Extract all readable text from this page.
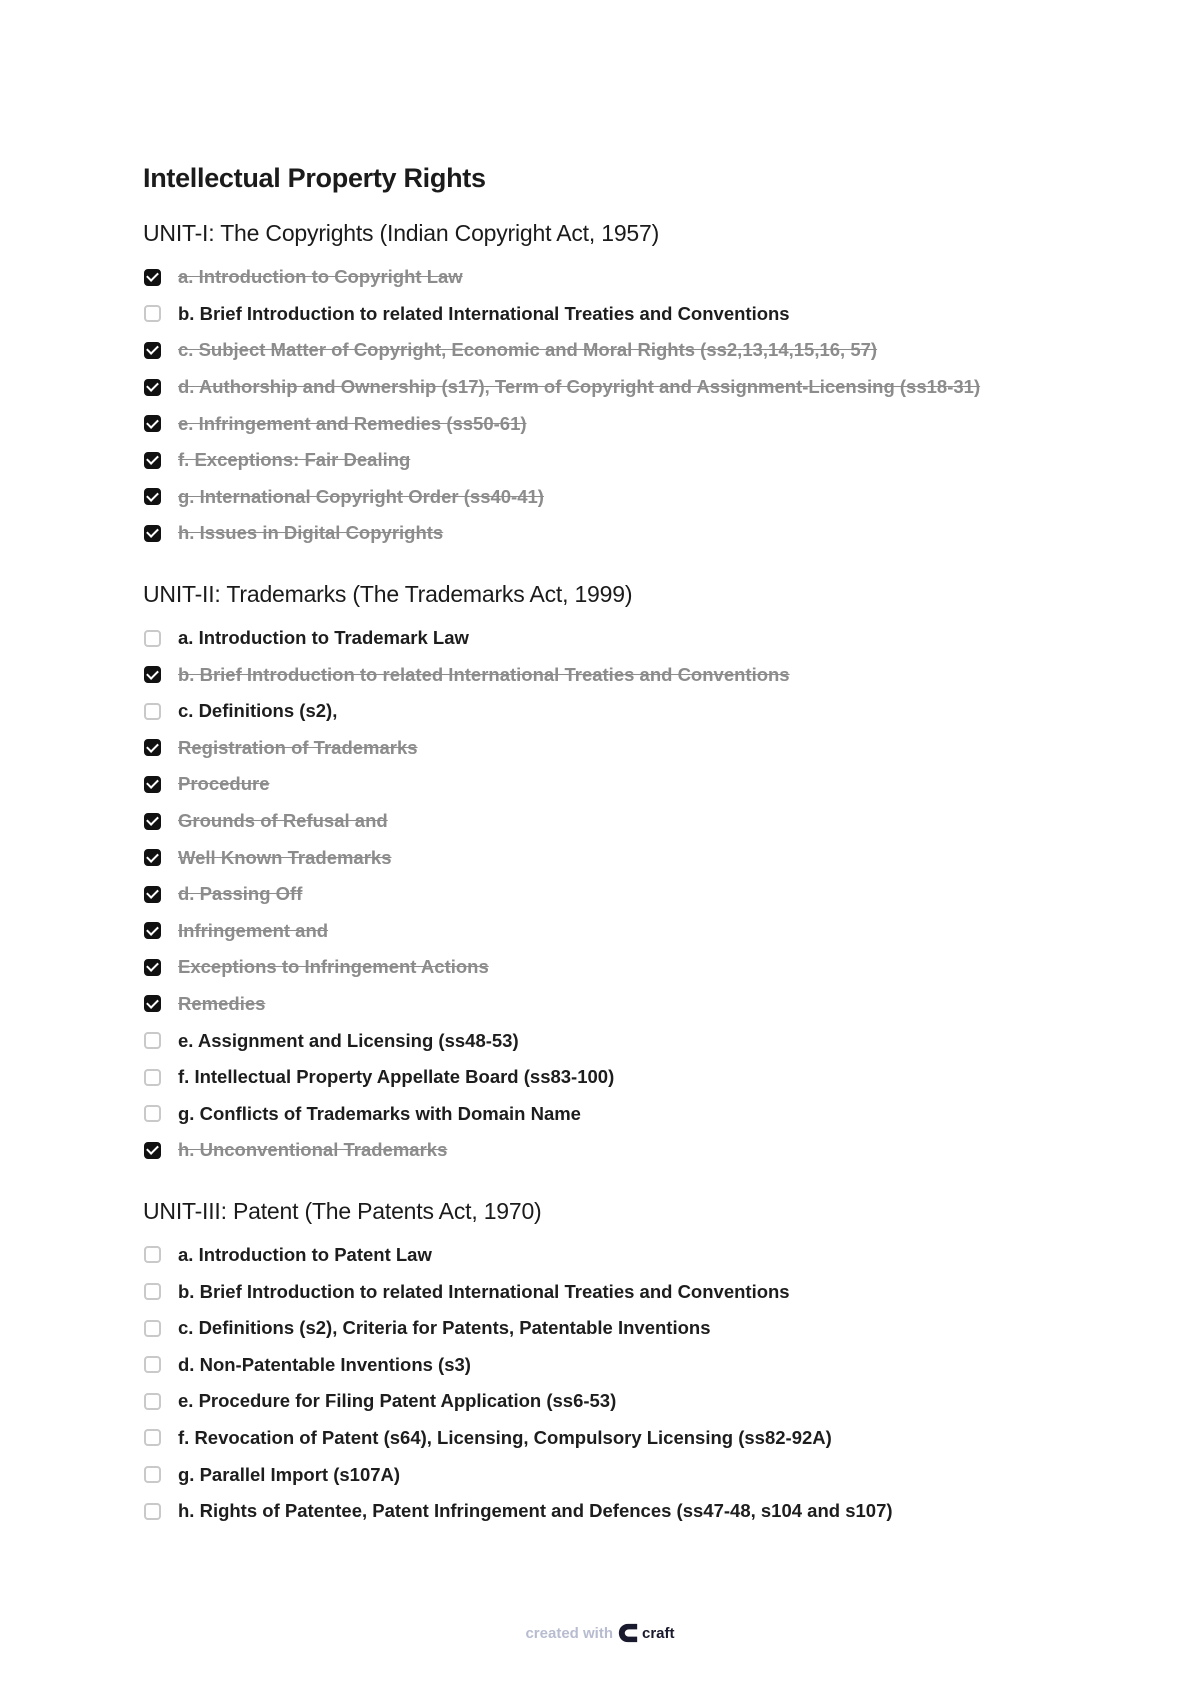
Intellectual Property Rights
UNIT-I: The Copyrights (Indian Copyright Act, 1957)
a. Introduction to Copyright Law
b. Brief Introduction to related International Treaties and Conventions
c. Subject Matter of Copyright, Economic and Moral Rights (ss2,13,14,15,16, 57)
d. Authorship and Ownership (s17), Term of Copyright and Assignment-Licensing (ss18-31)
e. Infringement and Remedies (ss50-61)
f. Exceptions: Fair Dealing
g. International Copyright Order (ss40-41)
h. Issues in Digital Copyrights
UNIT-II: Trademarks (The Trademarks Act, 1999)
a. Introduction to Trademark Law
b. Brief Introduction to related International Treaties and Conventions
c. Definitions (s2),
Registration of Trademarks
Procedure
Grounds of Refusal and
Well Known Trademarks
d. Passing Off
Infringement and
Exceptions to Infringement Actions
Remedies
e. Assignment and Licensing (ss48-53)
f. Intellectual Property Appellate Board (ss83-100)
g. Conflicts of Trademarks with Domain Name
h. Unconventional Trademarks
UNIT-III: Patent (The Patents Act, 1970)
a. Introduction to Patent Law
b. Brief Introduction to related International Treaties and Conventions
c. Definitions (s2), Criteria for Patents, Patentable Inventions
d. Non-Patentable Inventions (s3)
e. Procedure for Filing Patent Application (ss6-53)
f. Revocation of Patent (s64), Licensing, Compulsory Licensing (ss82-92A)
g. Parallel Import (s107A)
h. Rights of Patentee, Patent Infringement and Defences (ss47-48, s104 and s107)
created with craft
